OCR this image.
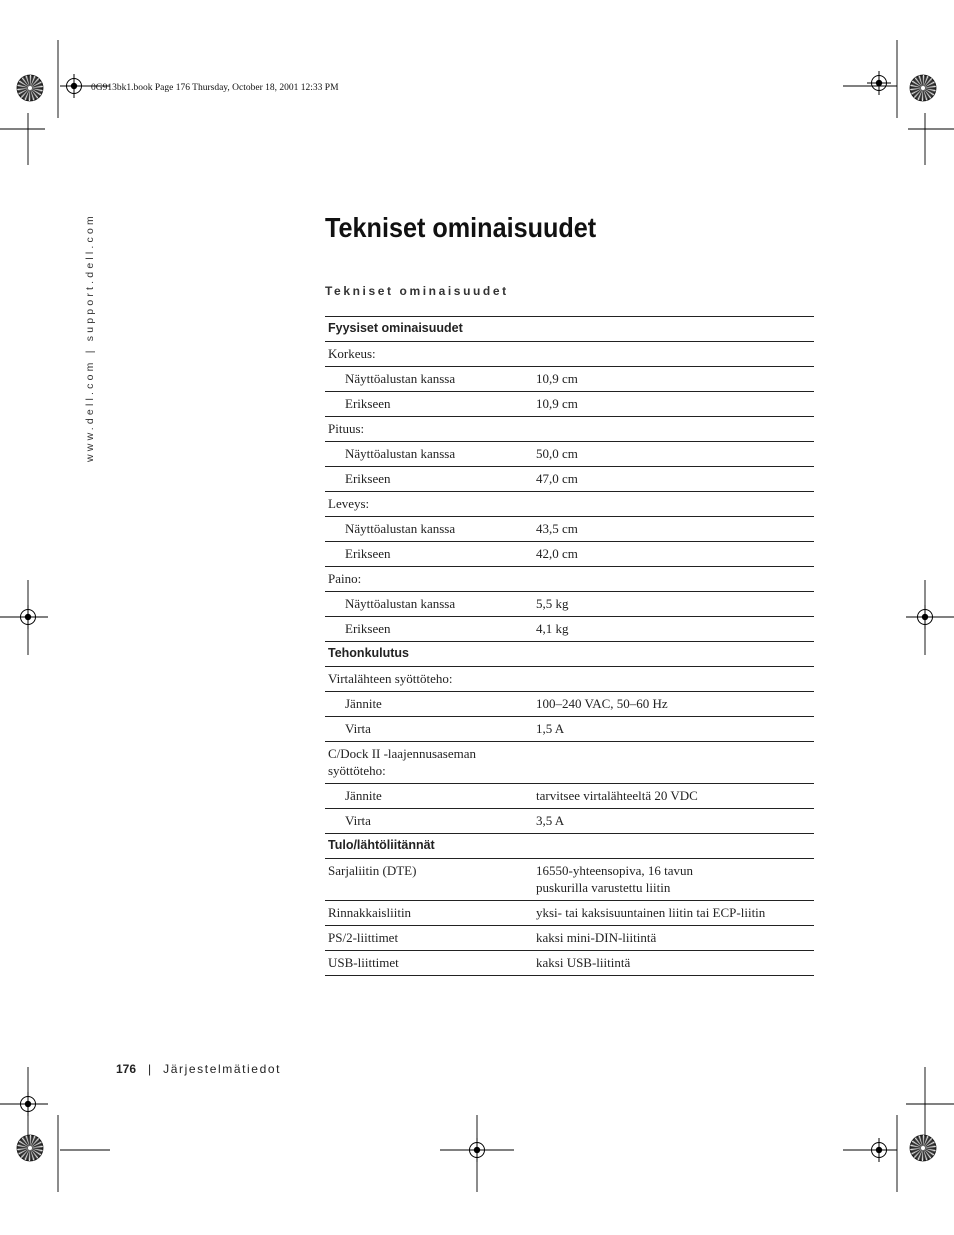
0G913bk1.book Page 176 Thursday, October 18, 2001 12:33 PM
www.dell.com | support.dell.com	Tekniset ominaisuudet
Tekniset ominaisuudet
Fyysiset ominaisuudet	
Korkeus:	
Näyttöalustan kanssa	10,9 cm
Erikseen	10,9 cm
Pituus:	
Näyttöalustan kanssa	50,0 cm
Erikseen	47,0 cm
Leveys:	
Näyttöalustan kanssa	43,5 cm
Erikseen	42,0 cm
Paino:	
Näyttöalustan kanssa	5,5 kg
Erikseen	4,1 kg
Tehonkulutus	
Virtalähteen syöttöteho:	
Jännite	100–240 VAC, 50–60 Hz
Virta	1,5 A
C/Dock II -laajennusaseman
syöttöteho:	
Jännite	tarvitsee virtalähteeltä 20 VDC
Virta	3,5 A
Tulo/lähtöliitännät	
Sarjaliitin (DTE)	16550-yhteensopiva, 16 tavun
puskurilla varustettu liitin
Rinnakkaisliitin	yksi- tai kaksisuuntainen liitin tai ECP-liitin
PS/2-liittimet	kaksi mini-DIN-liitintä
USB-liittimet	kaksi USB-liitintä
176 | Järjestelmätiedot
